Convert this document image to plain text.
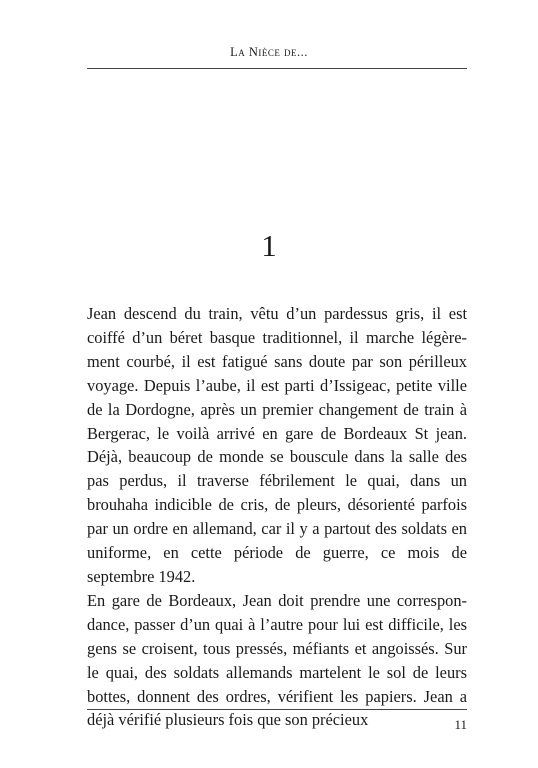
La Nièce de...
1

Jean descend du train, vêtu d’un pardessus gris, il est coiffé d’un béret basque traditionnel, il marche légèrement courbé, il est fatigué sans doute par son périlleux voyage. Depuis l’aube, il est parti d’Issigeac, petite ville de la Dordogne, après un premier changement de train à Bergerac, le voilà arrivé en gare de Bordeaux St jean. Déjà, beaucoup de monde se bouscule dans la salle des pas perdus, il traverse fébrilement le quai, dans un brouhaha indicible de cris, de pleurs, désorienté parfois par un ordre en allemand, car il y a partout des soldats en uniforme, en cette période de guerre, ce mois de septembre 1942.

En gare de Bordeaux, Jean doit prendre une correspondance, passer d’un quai à l’autre pour lui est difficile, les gens se croisent, tous pressés, méfiants et angoissés. Sur le quai, des soldats allemands martelent le sol de leurs bottes, donnent des ordres, vérifient les papiers. Jean a déjà vérifié plusieurs fois que son précieux	11
